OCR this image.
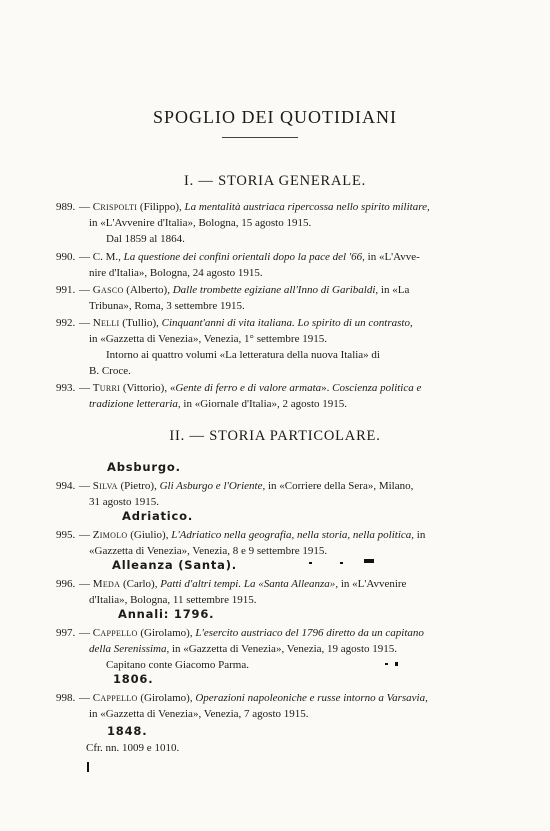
SPOGLIO DEI QUOTIDIANI
I. — STORIA GENERALE.
989. — Crispolti (Filippo), La mentalità austriaca ripercossa nello spirito militare,
in «L'Avvenire d'Italia», Bologna, 15 agosto 1915.
Dal 1859 al 1864.
990. — C. M., La questione dei confini orientali dopo la pace del '66, in «L'Avve-
nire d'Italia», Bologna, 24 agosto 1915.
991. — Gasco (Alberto), Dalle trombette egiziane all'Inno di Garibaldi, in «La
Tribuna», Roma, 3 settembre 1915.
992. — Nelli (Tullio), Cinquant'anni di vita italiana. Lo spirito di un contrasto,
in «Gazzetta di Venezia», Venezia, 1° settembre 1915.
Intorno ai quattro volumi «La letteratura della nuova Italia» di
B. Croce.
993. — Turri (Vittorio), «Gente di ferro e di valore armata». Coscienza politica e
tradizione letteraria, in «Giornale d'Italia», 2 agosto 1915.
II. — STORIA PARTICOLARE.
Absburgo.
994. — Silva (Pietro), Gli Asburgo e l'Oriente, in «Corriere della Sera», Milano,
31 agosto 1915.
Adriatico.
995. — Zimolo (Giulio), L'Adriatico nella geografia, nella storia, nella politica, in
«Gazzetta di Venezia», Venezia, 8 e 9 settembre 1915.
Alleanza (Santa).
996. — Meda (Carlo), Patti d'altri tempi. La «Santa Alleanza», in «L'Avvenire
d'Italia», Bologna, 11 settembre 1915.
Annali: 1796.
997. — Cappello (Girolamo), L'esercito austriaco del 1796 diretto da un capitano
della Serenissima, in «Gazzetta di Venezia», Venezia, 19 agosto 1915.
Capitano conte Giacomo Parma.
1806.
998. — Cappello (Girolamo), Operazioni napoleoniche e russe intorno a Varsavia,
in «Gazzetta di Venezia», Venezia, 7 agosto 1915.
1848.
Cfr. nn. 1009 e 1010.
